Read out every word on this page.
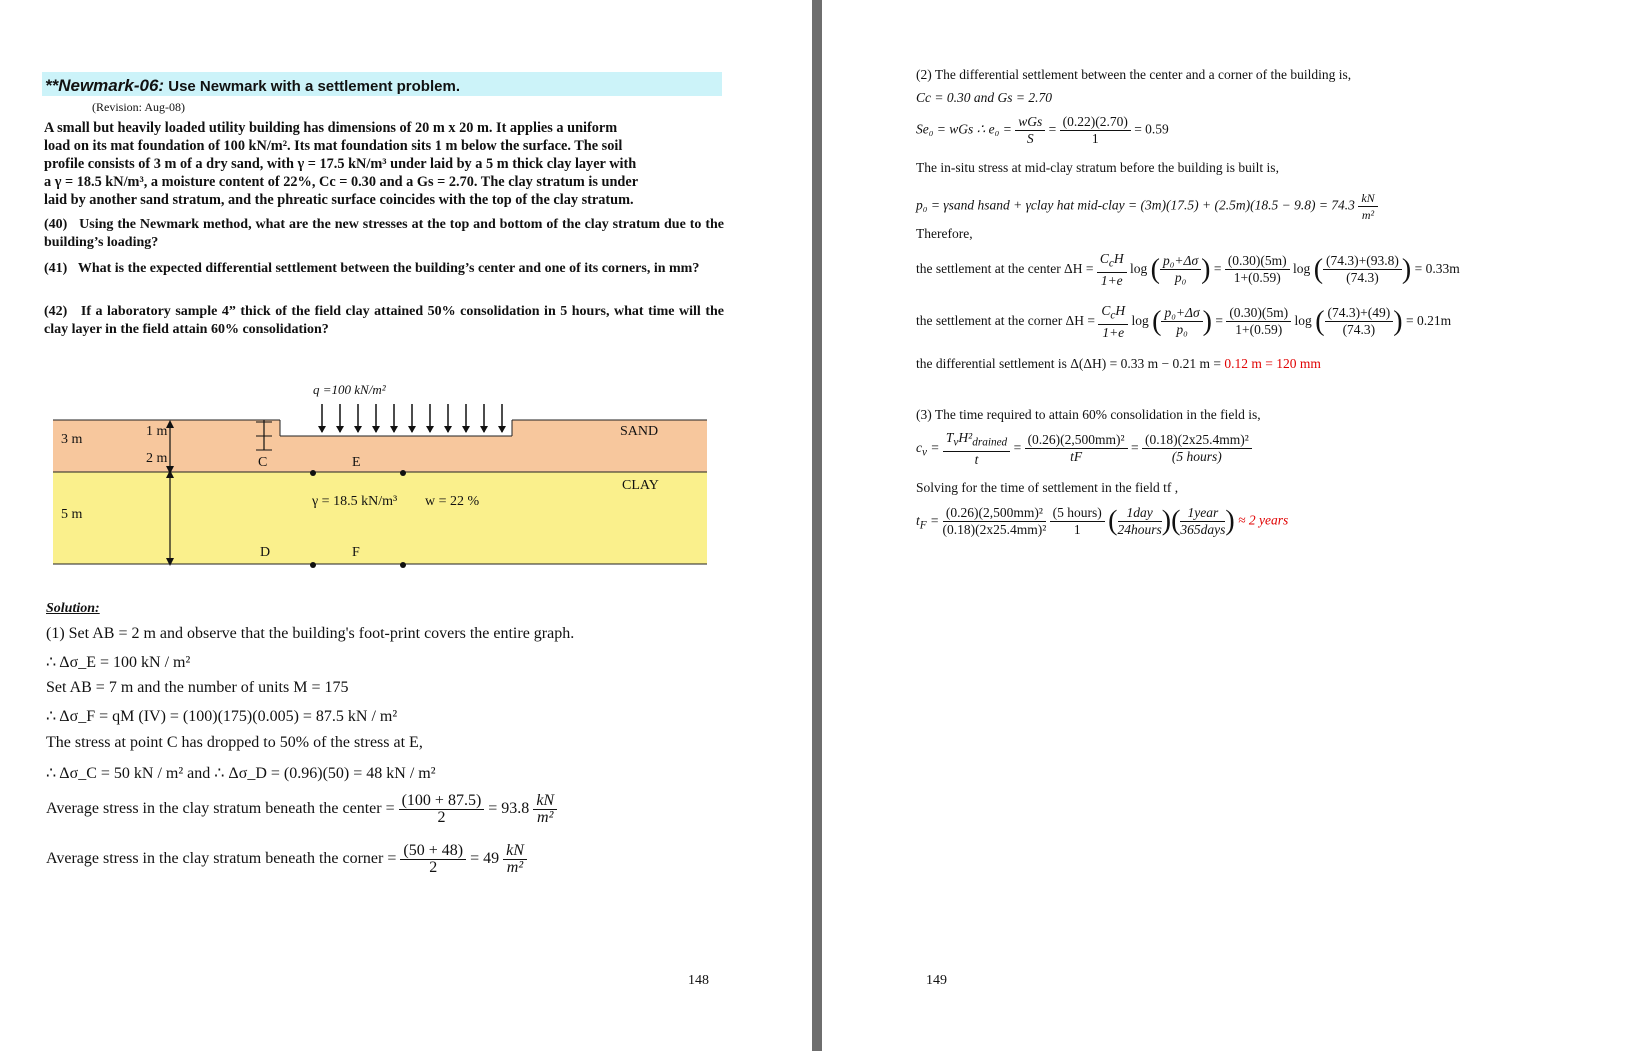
**Newmark-06: Use Newmark with a settlement problem.
(Revision: Aug-08)
A small but heavily loaded utility building has dimensions of 20 m x 20 m. It applies a uniform
load on its mat foundation of 100 kN/m². Its mat foundation sits 1 m below the surface. The soil
profile consists of 3 m of a dry sand, with γ = 17.5 kN/m³ under laid by a 5 m thick clay layer with
a γ = 18.5 kN/m³, a moisture content of 22%, Cc = 0.30 and a Gs = 2.70. The clay stratum is under
laid by another sand stratum, and the phreatic surface coincides with the top of the clay stratum.
(40) Using the Newmark method, what are the new stresses at the top and bottom of the clay stratum due to the building’s loading?
(41) What is the expected differential settlement between the building’s center and one of its corners, in mm?
(42) If a laboratory sample 4” thick of the field clay attained 50% consolidation in 5 hours, what time will the clay layer in the field attain 60% consolidation?
q =100 kN/m²
3 m
1 m
2 m
5 m
SAND
CLAY
C	E
D	F
γ = 18.5 kN/m³ w = 22 %
Solution:
(1) Set AB = 2 m and observe that the building's foot-print covers the entire graph.
∴ Δσ_E = 100 kN / m²
Set AB = 7 m and the number of units M = 175
∴ Δσ_F = qM (IV) = (100)(175)(0.005) = 87.5 kN / m²
The stress at point C has dropped to 50% of the stress at E,
∴ Δσ_C = 50 kN / m² and ∴ Δσ_D = (0.96)(50) = 48 kN / m²
Average stress in the clay stratum beneath the center = $\frac{(100 + 87.5)}{2} = 93.8 \frac{kN}{\text{m²}}$
Average stress in the clay stratum beneath the corner = $\frac{(50 + 48)}{2} = 49 \frac{kN}{\text{m²}}$
148
(2) The differential settlement between the center and a corner of the building is,
Cc = 0.30 and Gs = 2.70
Se₀ = wGs ∴ $e_0 = \frac{\text{wGs}}{S} = \frac{(0.22)(2.70)}{1} = 0.59$
The in-situ stress at mid-clay stratum before the building is built is,
p₀ = γsand hsand + γclay hat mid-clay = $(3m)(17.5) + (2.5m)(18.5 - 9.8) = 74.3 \frac{kN}{\text{m²}}$
Therefore,
the settlement at the center $\Delta H = \frac{C_cH}{1+e}$ log ( $\frac{\text{p₀+Δσ}}{\text{p₀}}$ ) = $\frac{(0.30)(5m)}{1+(0.59)}$ log ( $\frac{(74.3)+(93.8)}{(74.3)}$ ) = 0.33m
the settlement at the corner $\Delta H = \frac{C_cH}{1+e}$ log ( $\frac{\text{p₀+Δσ}}{\text{p₀}}$ ) = $\frac{(0.30)(5m)}{1+(0.59)}$ log ( $\frac{(74.3)+(49)}{(74.3)}$ ) = 0.21m
the differential settlement is Δ(ΔH) = 0.33 m − 0.21 m = 0.12 m = 120 mm
(3) The time required to attain 60% consolidation in the field is,
$c_v = \frac{T_vH^2_{drained}}{t} = \frac{\text{(0.26)(2,500mm)²}}{tF} = \frac{\text{(0.18)(2x25.4mm)²}}{\text{(5 hours)}}$
Solving for the time of settlement in the field tf ,
$t_F = \frac{\text{(0.26)(2,500mm)²}}{\text{(0.18)(2x25.4mm)²}}$
$\frac{\text{(5 hours)}}{1}$ ( $\frac{\text{1day}}{\text{24hours}}$ )( $\frac{\text{1year}}{\text{365days}}$ ) ≈ 2 years
149
